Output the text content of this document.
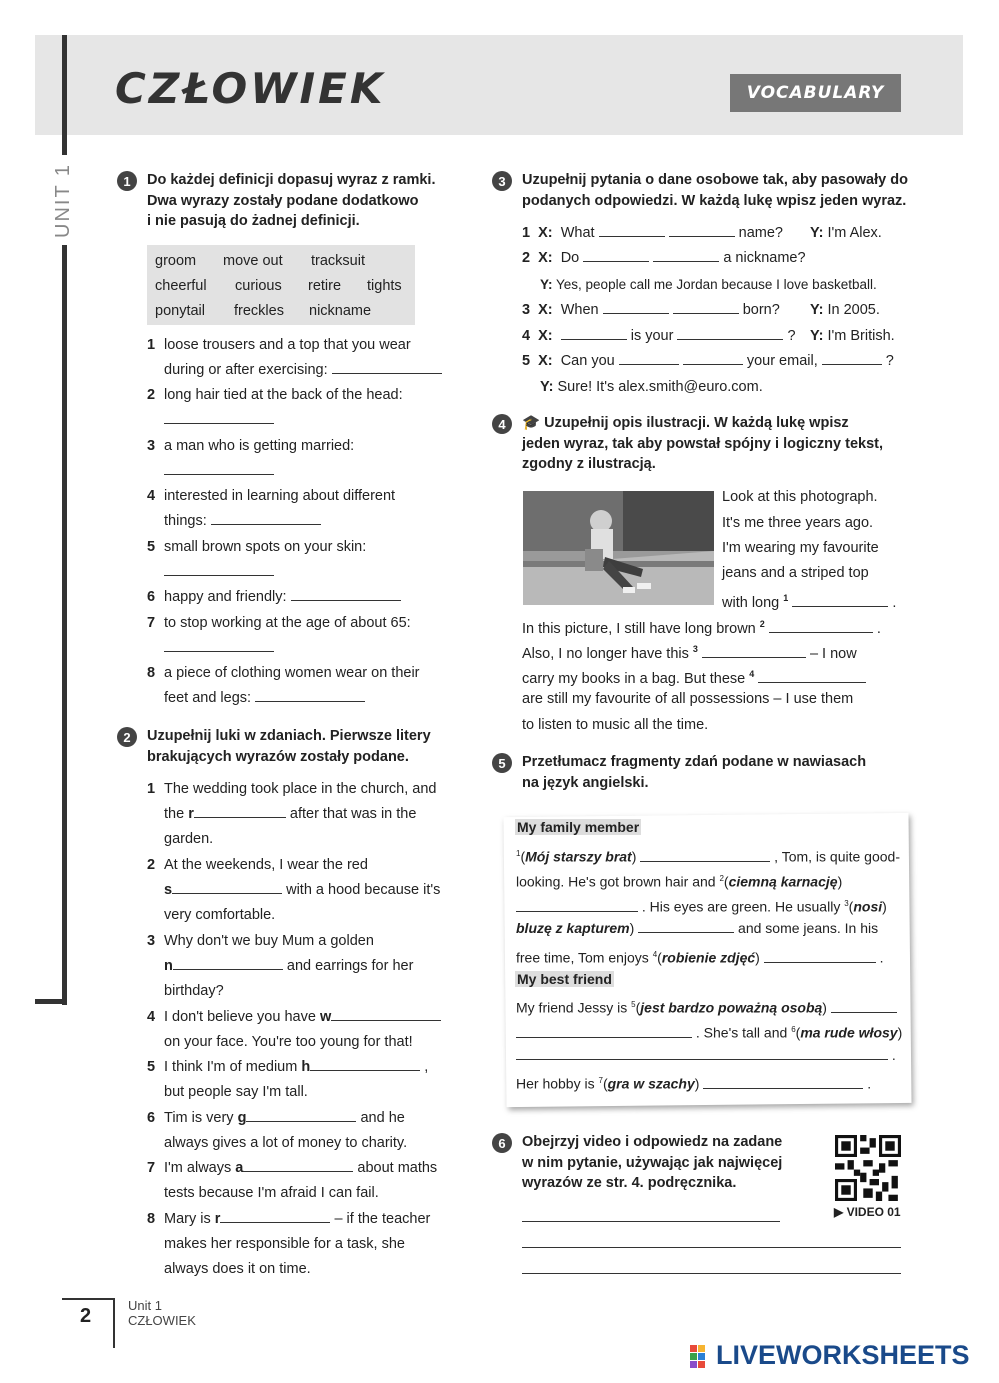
CZŁOWIEK	VOCABULARY
UNIT 1	1	Do każdej definicji dopasuj wyraz z ramki.
Dwa wyrazy zostały podane dodatkowo
i nie pasują do żadnej definicji.
groom move out tracksuit
cheerful curious retire tights
ponytail freckles nickname
1 loose trousers and a top that you wear
during or after exercising:
2 long hair tied at the back of the head:
3 a man who is getting married:
4 interested in learning about different
things:
5 small brown spots on your skin:
6 happy and friendly:
7 to stop working at the age of about 65:
8 a piece of clothing women wear on their
feet and legs:
2	Uzupełnij luki w zdaniach. Pierwsze litery
brakujących wyrazów zostały podane.
1 The wedding took place in the church, and
the r	after that was in the
garden.
2 At the weekends, I wear the red
s	with a hood because it's
very comfortable.
3 Why don't we buy Mum a golden
n	and earrings for her
birthday?
4 I don't believe you have w
on your face. You're too young for that!
5 I think I'm of medium h	,
but people say I'm tall.
6 Tim is very g	and he
always gives a lot of money to charity.
7 I'm always a	about maths
tests because I'm afraid I can fail.
8 Mary is r	– if the teacher
makes her responsible for a task, she
always does it on time.
3	Uzupełnij pytania o dane osobowe tak, aby pasowały do
podanych odpowiedzi. W każdą lukę wpisz jeden wyraz.
1 X: What	name? Y: I'm Alex.
2 X: Do	a nickname?
Y: Yes, people call me Jordan because I love basketball.
3 X: When	born? Y: In 2005.
4 X:	is your	? Y: I'm British.
5 X: Can you	your email,	?
Y: Sure! It's alex.smith@euro.com.
4	🎓 Uzupełnij opis ilustracji. W każdą lukę wpisz
jeden wyraz, tak aby powstał spójny i logiczny tekst,
zgodny z ilustracją.
Look at this photograph.
It's me three years ago.
I'm wearing my favourite
jeans and a striped top
with long $^1$	.
In this picture, I still have long brown $^2$	.
Also, I no longer have this $^3$	– I now
carry my books in a bag. But these $^4$
are still my favourite of all possessions – I use them
to listen to music all the time.
5	Przetłumacz fragmenty zdań podane w nawiasach
na język angielski.
My family member
$^1$(Mój starszy brat)	, Tom, is quite good-
looking. He's got brown hair and $^2$(ciemną karnację)
. His eyes are green. He usually $^3$(nosi)
bluzę z kapturem)	and some jeans. In his
free time, Tom enjoys $^4$(robienie zdjęć)	.
My best friend
My friend Jessy is $^5$(jest bardzo poważną osobą)
. She's tall and $^6$(ma rude włosy)
.
Her hobby is $^7$(gra w szachy)	.
6	Obejrzyj video i odpowiedz na zadane
w nim pytanie, używając jak najwięcej
wyrazów ze str. 4. podręcznika.
▶ VIDEO 01
2	Unit 1
CZŁOWIEK
LIVEWORKSHEETS
